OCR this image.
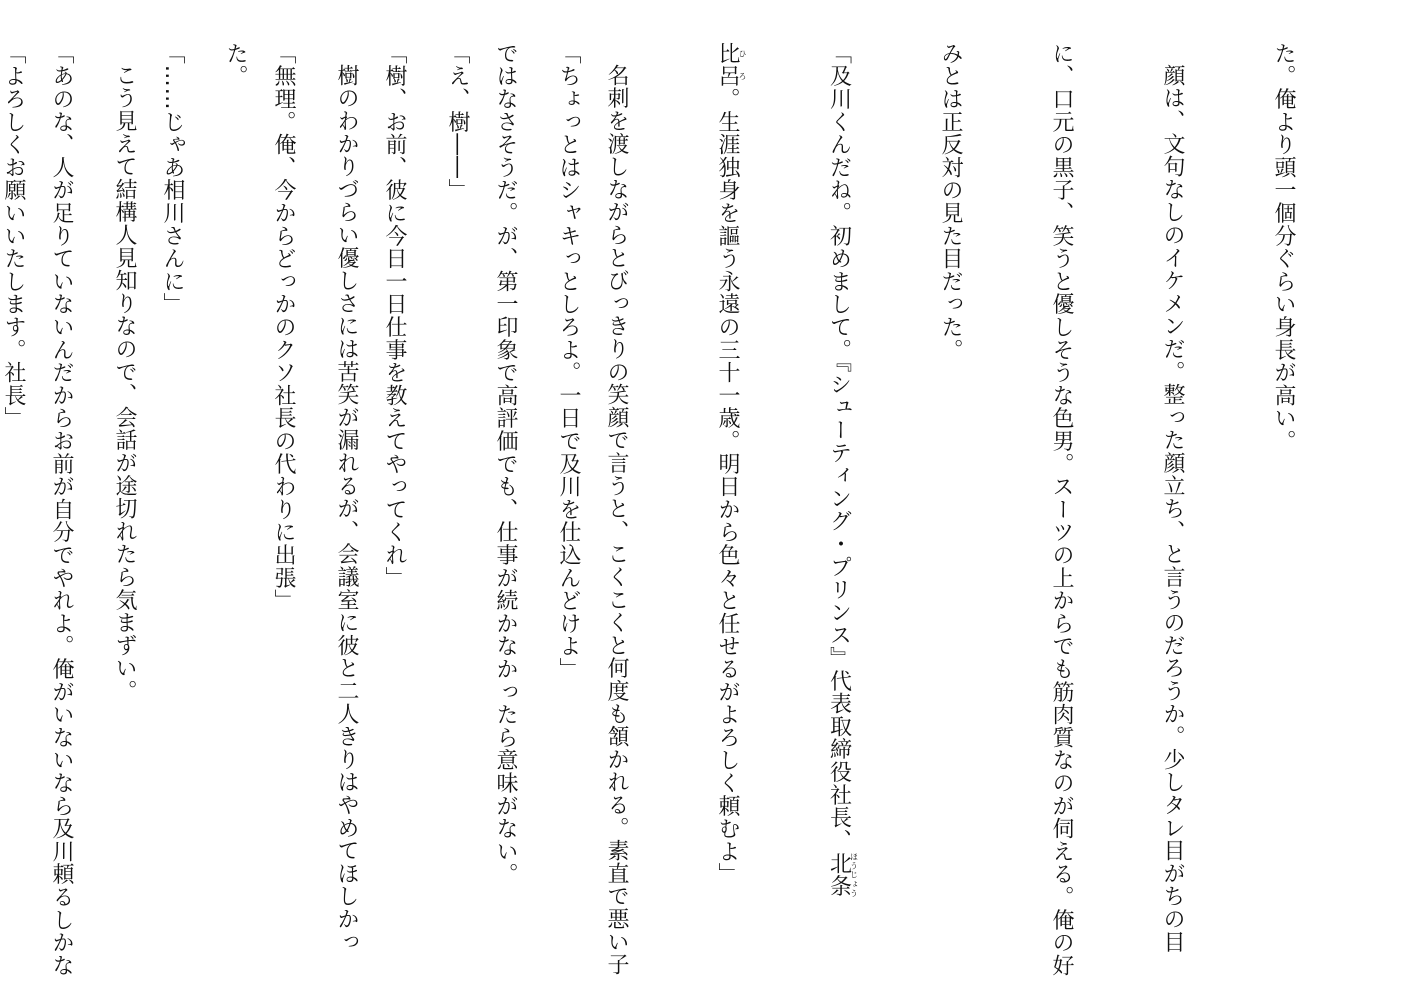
た。俺より頭一個分ぐらい身長が高い。

顔は、文句なしのイケメンだ。整った顔立ち、と言うのだろうか。少しタレ目がちの目

に、口元の黒子、笑うと優しそうな色男。スーツの上からでも筋肉質なのが伺える。俺の好

みとは正反対の見た目だった。

「及川くんだね。初めまして。『シューティング・プリンス』代表取締役社長、北条ほうじょう

比呂ひろ。生涯独身を謳う永遠の三十一歳。明日から色々と任せるがよろしく頼むよ」

名刺を渡しながらとびっきりの笑顔で言うと、こくこくと何度も頷かれる。素直で悪い子

ではなさそうだ。が、第一印象で高評価でも、仕事が続かなかったら意味がない。

「樹、お前、彼に今日一日仕事を教えてやってくれ」

「無理。俺、今からどっかのクソ社長の代わりに出張」

「……じゃあ相川さんに」

「あのな、人が足りていないんだからお前が自分でやれよ。俺がいないなら及川頼るしかな

	「ちょっとはシャキっとしろよ。一日で及川を仕込んどけよ」

「え、樹――」

樹のわかりづらい優しさには苦笑が漏れるが、会議室に彼と二人きりはやめてほしかっ

た。

こう見えて結構人見知りなので、会話が途切れたら気まずい。

「よろしくお願いいたします。社長」
